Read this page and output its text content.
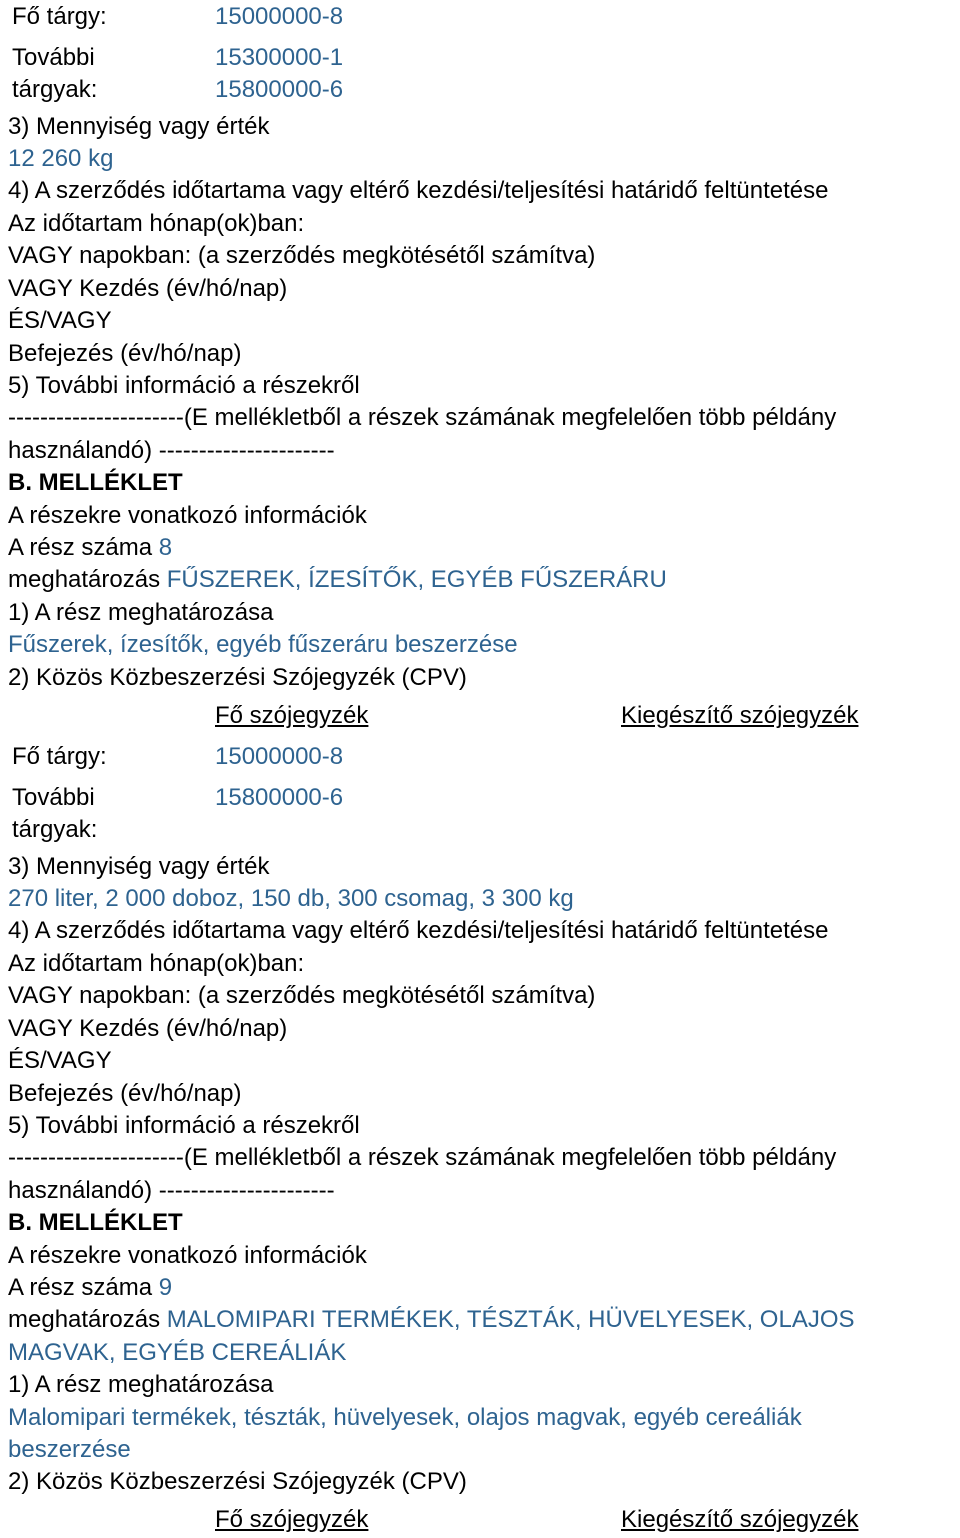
Fő tárgy:	15000000-8
További	15300000-1
tárgyak:	15800000-6
3) Mennyiség vagy érték
12 260 kg
4) A szerződés időtartama vagy eltérő kezdési/teljesítési határidő feltüntetése
Az időtartam hónap(ok)ban:
VAGY napokban: (a szerződés megkötésétől számítva)
VAGY Kezdés (év/hó/nap)
ÉS/VAGY
Befejezés (év/hó/nap)
5) További információ a részekről
----------------------(E mellékletből a részek számának megfelelően több példány
használandó) ----------------------
B. MELLÉKLET
A részekre vonatkozó információk
A rész száma 8
meghatározás FŰSZEREK, ÍZESÍTŐK, EGYÉB FŰSZERÁRU
1) A rész meghatározása
Fűszerek, ízesítők, egyéb fűszeráru beszerzése
2) Közös Közbeszerzési Szójegyzék (CPV)
Fő szójegyzék	Kiegészítő szójegyzék
Fő tárgy:	15000000-8
További	15800000-6
tárgyak:
3) Mennyiség vagy érték
270 liter, 2 000 doboz, 150 db, 300 csomag, 3 300 kg
4) A szerződés időtartama vagy eltérő kezdési/teljesítési határidő feltüntetése
Az időtartam hónap(ok)ban:
VAGY napokban: (a szerződés megkötésétől számítva)
VAGY Kezdés (év/hó/nap)
ÉS/VAGY
Befejezés (év/hó/nap)
5) További információ a részekről
----------------------(E mellékletből a részek számának megfelelően több példány
használandó) ----------------------
B. MELLÉKLET
A részekre vonatkozó információk
A rész száma 9
meghatározás MALOMIPARI TERMÉKEK, TÉSZTÁK, HÜVELYESEK, OLAJOS
MAGVAK, EGYÉB CEREÁLIÁK
1) A rész meghatározása
Malomipari termékek, tészták, hüvelyesek, olajos magvak, egyéb cereáliák
beszerzése
2) Közös Közbeszerzési Szójegyzék (CPV)
Fő szójegyzék	Kiegészítő szójegyzék
